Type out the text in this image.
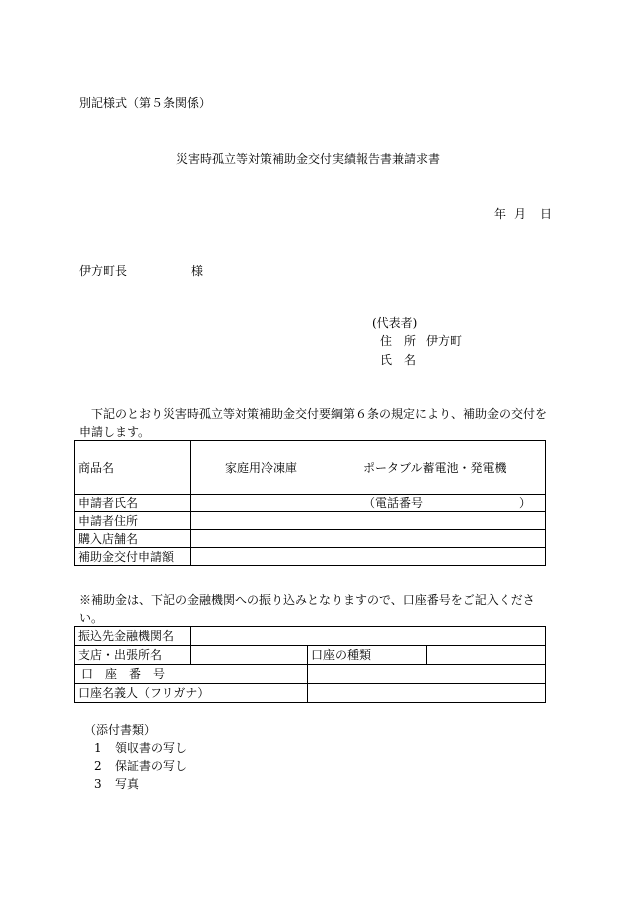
別記様式（第５条関係）
災害時孤立等対策補助金交付実績報告書兼請求書
年 月 日
伊方町長	様
(代表者)
住　所 伊方町
氏　名
　下記のとおり災害時孤立等対策補助金交付要綱第６条の規定により、補助金の交付を申請します。
商品名	家庭用冷凍庫 ポータブル蓄電池・発電機

申請者氏名	（電話番号 ）

申請者住所	
購入店舗名	
補助金交付申請額	
※補助金は、下記の金融機関への振り込みとなりますので、口座番号をご記入ください。
振込先金融機関名			
支店・出張所名		口座の種類	
口　座　番　号			
口座名義人（フリガナ）			
（添付書類）
1 領収書の写し
2 保証書の写し
3 写真
